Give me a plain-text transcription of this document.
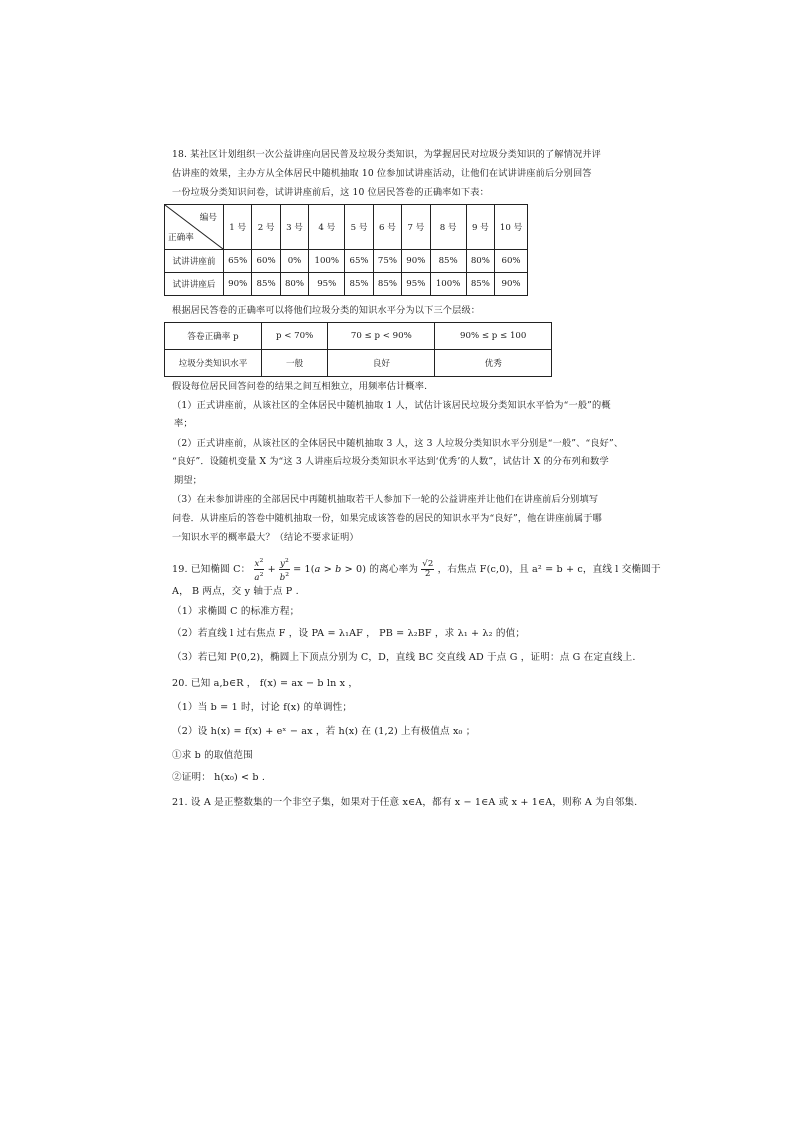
18. 某社区计划组织一次公益讲座向居民普及垃圾分类知识，为掌握居民对垃圾分类知识的了解情况并评
估讲座的效果，主办方从全体居民中随机抽取 10 位参加试讲座活动，让他们在试讲讲座前后分别回答
一份垃圾分类知识问卷，试讲讲座前后，这 10 位居民答卷的正确率如下表：
编号
正确率	1 号	2 号	3 号	4 号	5 号	6 号	7 号	8 号	9 号	10 号
试讲讲座前	65%	60%	0%	100%	65%	75%	90%	85%	80%	60%
试讲讲座后	90%	85%	80%	95%	85%	85%	95%	100%	85%	90%
根据居民答卷的正确率可以将他们垃圾分类的知识水平分为以下三个层级：
答卷正确率 p	p < 70%	70 ≤ p < 90%	90% ≤ p ≤ 100
垃圾分类知识水平	一般	良好	优秀
假设每位居民回答问卷的结果之间互相独立，用频率估计概率.
（1）正式讲座前，从该社区的全体居民中随机抽取 1 人，试估计该居民垃圾分类知识水平恰为“一般”的概
率；
（2）正式讲座前，从该社区的全体居民中随机抽取 3 人，这 3 人垃圾分类知识水平分别是“一般”、“良好”、
“良好”．设随机变量 X 为“这 3 人讲座后垃圾分类知识水平达到‘优秀’的人数”，试估计 X 的分布列和数学
期望；
（3）在未参加讲座的全部居民中再随机抽取若干人参加下一轮的公益讲座并让他们在讲座前后分别填写
问卷．从讲座后的答卷中随机抽取一份，如果完成该答卷的居民的知识水平为“良好”，他在讲座前属于哪
一知识水平的概率最大？（结论不要求证明）
19. 已知椭圆 C： $\frac{x^2}{a^2} + \frac{y^2}{b^2} = 1(a > b > 0)$ 的离心率为 $\frac{√2}{2}$ ，右焦点 F(c,0)，且 a² = b + c，直线 l 交椭圆于
A， B 两点，交 y 轴于点 P .
（1）求椭圆 C 的标准方程；
（2）若直线 l 过右焦点 F ，设 PA = λ₁AF ， PB = λ₂BF ，求 λ₁ + λ₂ 的值；
（3）若已知 P(0,2)，椭圆上下顶点分别为 C，D，直线 BC 交直线 AD 于点 G ，证明：点 G 在定直线上.
20. 已知 a,b∈R ， f(x) = ax − b ln x ，
（1）当 b = 1 时，讨论 f(x) 的单调性；
（2）设 h(x) = f(x) + eˣ − ax ，若 h(x) 在 (1,2) 上有极值点 x₀ ；
①求 b 的取值范围
②证明： h(x₀) < b .
21. 设 A 是正整数集的一个非空子集，如果对于任意 x∈A，都有 x − 1∈A 或 x + 1∈A，则称 A 为自邻集.
